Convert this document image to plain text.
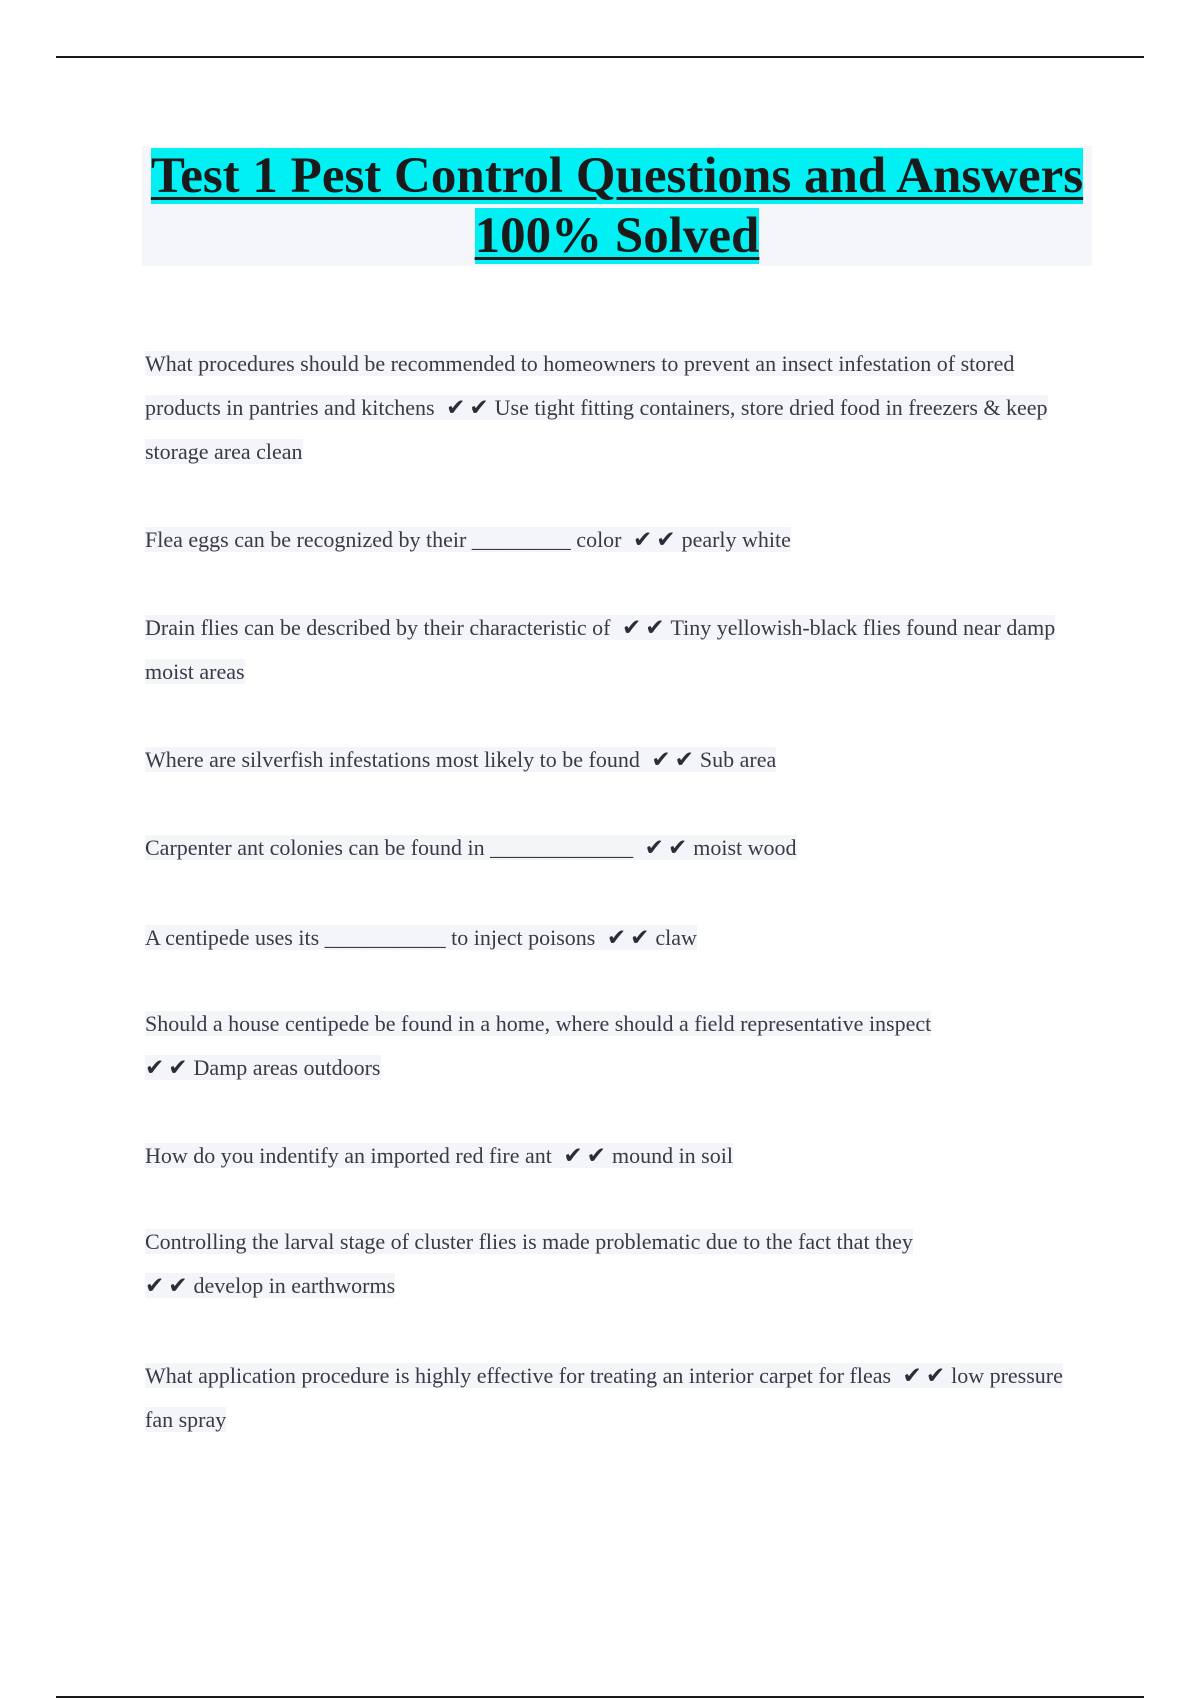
Test 1 Pest Control Questions and Answers 100% Solved

What procedures should be recommended to homeowners to prevent an insect infestation of stored products in pantries and kitchens ✔✔Use tight fitting containers, store dried food in freezers & keep storage area clean

Flea eggs can be recognized by their _________ color ✔✔pearly white

Drain flies can be described by their characteristic of ✔✔Tiny yellowish-black flies found near damp moist areas

Where are silverfish infestations most likely to be found ✔✔Sub area

Carpenter ant colonies can be found in _____________ ✔✔moist wood

A centipede uses its ___________ to inject poisons ✔✔claw

Should a house centipede be found in a home, where should a field representative inspect
✔✔Damp areas outdoors

How do you indentify an imported red fire ant ✔✔mound in soil

Controlling the larval stage of cluster flies is made problematic due to the fact that they
✔✔develop in earthworms

What application procedure is highly effective for treating an interior carpet for fleas ✔✔low pressure fan spray
